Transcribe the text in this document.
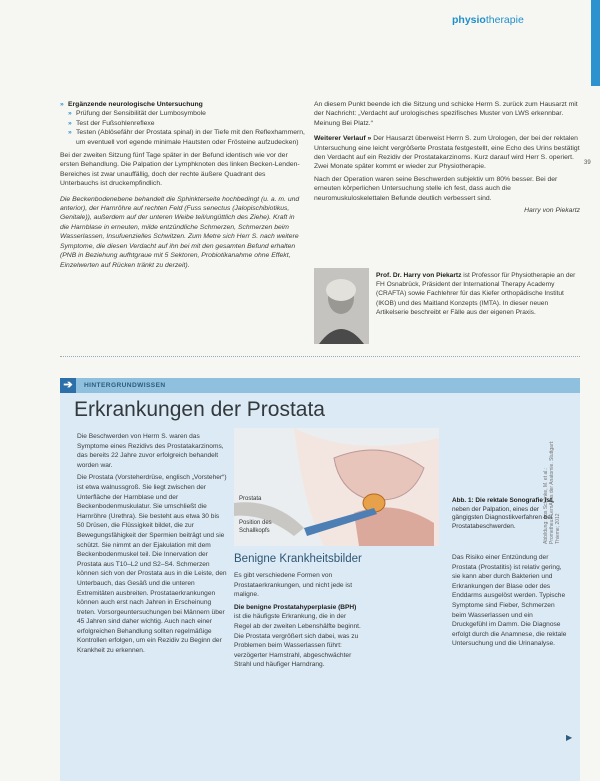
physiotherapie
39
» Ergänzende neurologische Untersuchung
» Prüfung der Sensibilität der Lumbosymbole
» Test der Fußsohlenreflexe
» Testen (Ablösefähr der Prostata spinal) in der Tiefe mit den Reflexhammern, um eventuell vorl egende minimale Hautsten oder Frösteine aufzudecken)

Bei der zweiten Sitzung fünf Tage später in der Befund identisch wie vor der ersten Behandlung. Die Palpation der Lymphknoten des linken Becken-Lenden-Bereiches ist zwar unauffällig, doch der rechte äußere Quadrant des Unterbauchs ist druckempfindlich.

Die Beckenbodenebene behandelt die Sphinkterseite hochbedingt (u. a. m. und anterior), der Harnröhre auf rechten Feld (Fuss senectus (Jalopischibiotikus, Genitale)), außerdem auf der unteren Weibe teil/ungüttlich des Ziehe). Kraft in die Harnblase in erneuten, milde entzündliche Schmerzen, Schmerzen beim Wasserlassen, Insufuenzielles Schwitzen. Zum Metre sich Herr S. nach weitere Symptome, die diesen Verdacht auf ihn bei mit den gesamten Befund erhalten (PNB in Beziehung aufhtgraue mit 5 Sektoren, Probiotikanahme ohne Effekt, Einzelwerten auf Rücken tränkt zu derzeit).

An diesem Punkt beende ich die Sitzung und schicke Herrn S. zurück zum Hausarzt mit der Nachricht: „Verdacht auf urologisches spezifisches Muster von LWS erkennbar. Meinung Bei Platz.“

Weiterer Verlauf » Der Hausarzt überweist Herrn S. zum Urologen, der bei der rektalen Untersuchung eine leicht vergrößerte Prostata festgestellt, eine Echo des Urins bestätigt den Verdacht auf ein Rezidiv der Prostatakarzinoms. Kurz darauf wird Herr S. operiert. Zwei Monate später kommt er wieder zur Physiotherapie.

Nach der Operation waren seine Beschwerden subjektiv um 80% besser. Bei der erneuten körperlichen Untersuchung stelle ich fest, dass auch die neuromuskuloskelettalen Befunde deutlich verbessert sind.

Harry von Piekartz

Prof. Dr. Harry von Piekartz ist Professor für Physiotherapie an der FH Osnabrück, Präsident der International Therapy Academy (CRAFTA) sowie Fachlehrer für das Kiefer orthopädische Institut (IKOB) und des Maitland Konzepts (IMTA). In dieser neuen Artikelserie beschreibt er Fälle aus der eigenen Praxis.
➔	HINTERGRUNDWISSEN
Erkrankungen der Prostata

Die Beschwerden von Herrn S. waren das Symptome eines Rezidivs des Prostatakarzinoms, das bereits 22 Jahre zuvor erfolgreich behandelt worden war.

Die Prostata (Vorsteherdrüse, englisch „Vorsteher“) ist etwa walnussgroß. Sie liegt zwischen der Unterfläche der Harnblase und der Beckenbodenmuskulatur. Sie umschließt die Harnröhre (Urethra). Sie besteht aus etwa 30 bis 50 Drüsen, die Flüssigkeit bildet, die zur Bewegungsfähigkeit der Spermien beiträgt und sie schützt. Sie nimmt an der Ejakulation mit dem Beckenbodenmuskel teil. Die Innervation der Prostata aus T10–L2 und S2–S4. Schmerzen können sich von der Prostata aus in die Leiste, den Unterbauch, das Gesäß und die unteren Extremitäten ausbreiten. Prostataerkrankungen können auch erst nach Jahren in Erscheinung treten. Vorsorgeuntersuchungen bei Männern über 45 Jahren sind daher wichtig. Auch nach einer erfolgreichen Behandlung sollten regelmäßige Kontrollen erfolgen, um ein Rezidiv zu Beginn der Krankheit zu erkennen.

Prostata
Position des Schallkopfs	Abbildung: Aus Schünke, M. et al.: Prometheus LernAtlas der Anatomie. Stuttgart: Thieme; 2012
Abb. 1: Die rektale Sonografie ist, neben der Palpation, eines der gängigsten Diagnostikverfahren bei Prostatabeschwerden.
Benigne Krankheitsbilder

Es gibt verschiedene Formen von Prostataerkrankungen, und nicht jede ist maligne.

Die benigne Prostatahyperplasie (BPH) ist die häufigste Erkrankung, die in der Regel ab der zweiten Lebenshälfte beginnt. Die Prostata vergrößert sich dabei, was zu Problemen beim Wasserlassen führt: verzögerter Harnstrahl, abgeschwächter Strahl und häufiger Harndrang.

Das Risiko einer Entzündung der Prostata (Prostatitis) ist relativ gering, sie kann aber durch Bakterien und Erkrankungen der Blase oder des Enddarms ausgelöst werden. Typische Symptome sind Fieber, Schmerzen beim Wasserlassen und ein Druckgefühl im Damm. Die Diagnose erfolgt durch die Anamnese, die rektale Untersuchung und die Urinanalyse.

▶
